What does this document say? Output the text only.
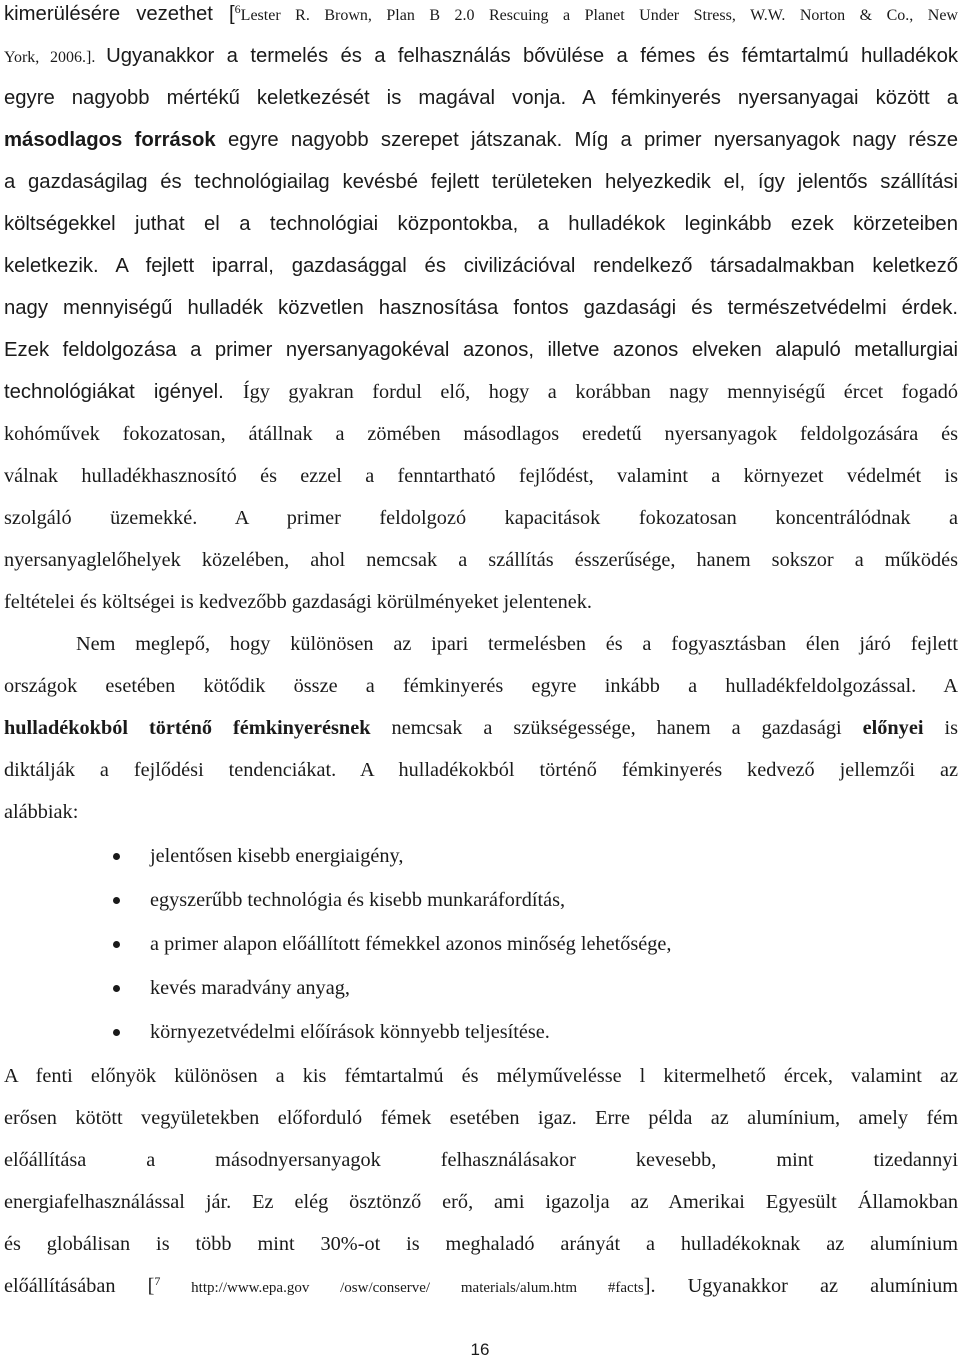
kimerülésére vezethet [$^6$Lester R. Brown, Plan B 2.0 Rescuing a Planet Under Stress, W.W. Norton & Co., New
York, 2006.]. Ugyanakkor a termelés és a felhasználás bővülése a fémes és fémtartalmú hulladékok
egyre nagyobb mértékű keletkezését is magával vonja. A fémkinyerés nyersanyagai között a
másodlagos források egyre nagyobb szerepet játszanak. Míg a primer nyersanyagok nagy része
a gazdaságilag és technológiailag kevésbé fejlett területeken helyezkedik el, így jelentős szállítási
költségekkel juthat el a technológiai központokba, a hulladékok leginkább ezek körzeteiben
keletkezik. A fejlett iparral, gazdasággal és civilizációval rendelkező társadalmakban keletkező
nagy mennyiségű hulladék közvetlen hasznosítása fontos gazdasági és természetvédelmi érdek.
Ezek feldolgozása a primer nyersanyagokéval azonos, illetve azonos elveken alapuló metallurgiai
technológiákat igényel. Így gyakran fordul elő, hogy a korábban nagy mennyiségű ércet fogadó
kohóművek fokozatosan, átállnak a zömében másodlagos eredetű nyersanyagok feldolgozására és
válnak hulladékhasznosító és ezzel a fenntartható fejlődést, valamint a környezet védelmét is
szolgáló üzemekké. A primer feldolgozó kapacitások fokozatosan koncentrálódnak a
nyersanyaglelőhelyek közelében, ahol nemcsak a szállítás ésszerűsége, hanem sokszor a működés
feltételei és költségei is kedvezőbb gazdasági körülményeket jelentenek.
Nem meglepő, hogy különösen az ipari termelésben és a fogyasztásban élen járó fejlett
országok esetében kötődik össze a fémkinyerés egyre inkább a hulladékfeldolgozással. A
hulladékokból történő fémkinyerésnek nemcsak a szükségessége, hanem a gazdasági előnyei is
diktálják a fejlődési tendenciákat. A hulladékokból történő fémkinyerés kedvező jellemzői az
alábbiak:
jelentősen kisebb energiaigény,
egyszerűbb technológia és kisebb munkaráfordítás,
a primer alapon előállított fémekkel azonos minőség lehetősége,
kevés maradvány anyag,
környezetvédelmi előírások könnyebb teljesítése.
A fenti előnyök különösen a kis fémtartalmú és mélyművelésse l kitermelhető ércek, valamint az
erősen kötött vegyületekben előforduló fémek esetében igaz. Erre példa az alumínium, amely fém
előállítása a másodnyersanyagok felhasználásakor kevesebb, mint tizedannyi
energiafelhasználással jár. Ez elég ösztönző erő, ami igazolja az Amerikai Egyesült Államokban
és globálisan is több mint 30%-ot is meghaladó arányát a hulladékoknak az alumínium
előállításában [$^7$ http://www.epa.gov /osw/conserve/ materials/alum.htm #facts]. Ugyanakkor az alumínium
16
